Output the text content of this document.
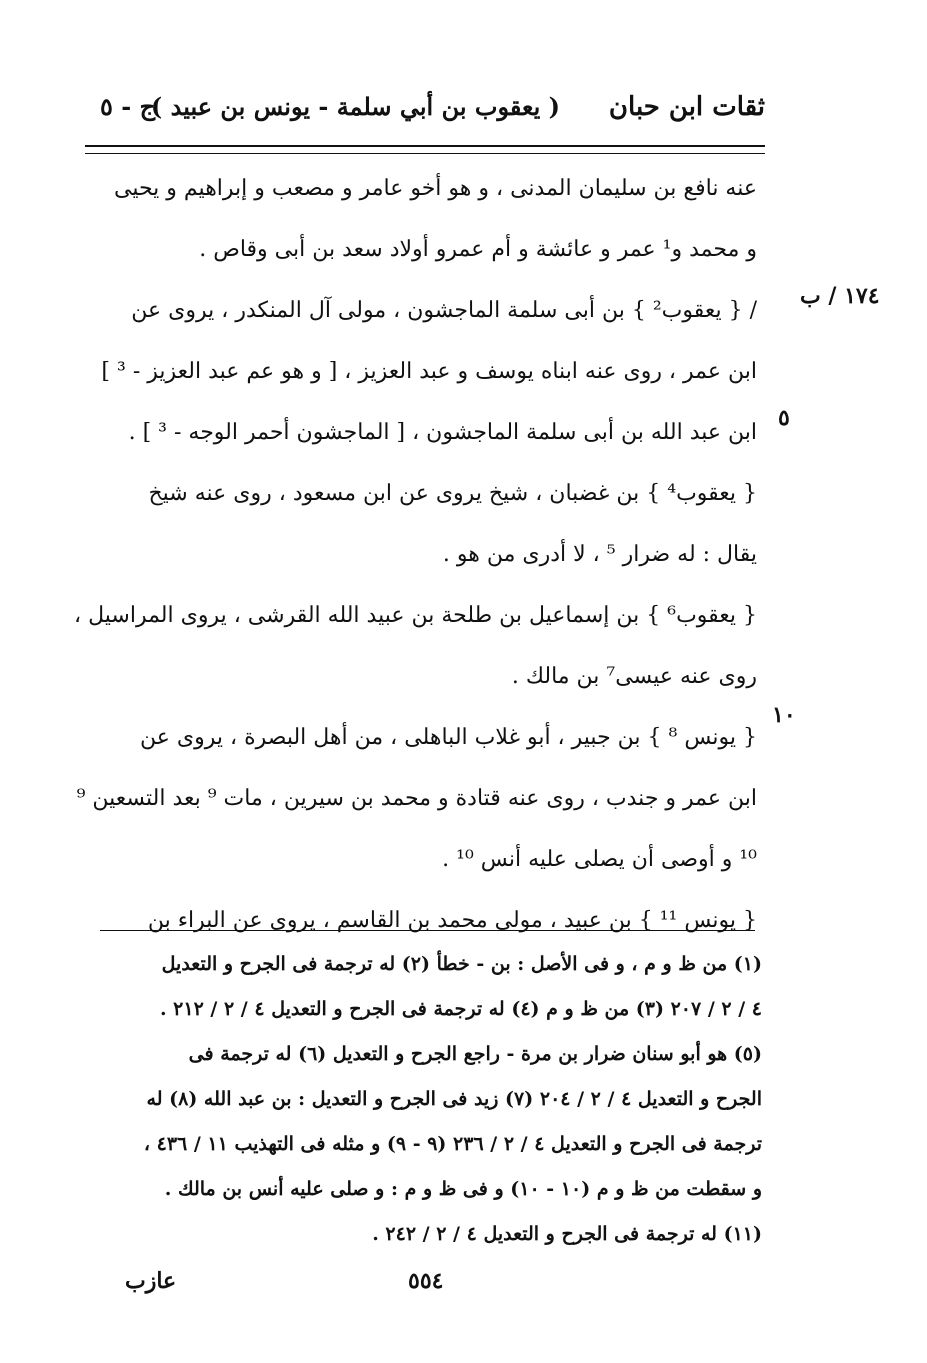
ثقات ابن حبان
( يعقوب بن أبي سلمة - يونس بن عبيد )
ج - ٥
١٧٤ / ب
٥
١٠
عنه نافع بن سليمان المدنى ، و هو أخو عامر و مصعب و إبراهيم و يحيى
و محمد و¹ عمر و عائشة و أم عمرو أولاد سعد بن أبى وقاص .
/ { يعقوب² } بن أبى سلمة الماجشون ، مولى آل المنكدر ، يروى عن
ابن عمر ، روى عنه ابناه يوسف و عبد العزيز ، [ و هو عم عبد العزيز - ³ ]
ابن عبد الله بن أبى سلمة الماجشون ، [ الماجشون أحمر الوجه - ³ ] .
{ يعقوب⁴ } بن غضبان ، شيخ يروى عن ابن مسعود ، روى عنه شيخ
يقال : له ضرار ⁵ ، لا أدرى من هو .
{ يعقوب⁶ } بن إسماعيل بن طلحة بن عبيد الله القرشى ، يروى المراسيل ،
روى عنه عيسى⁷ بن مالك .
{ يونس ⁸ } بن جبير ، أبو غلاب الباهلى ، من أهل البصرة ، يروى عن
ابن عمر و جندب ، روى عنه قتادة و محمد بن سيرين ، مات ⁹ بعد التسعين ⁹
¹⁰ و أوصى أن يصلى عليه أنس ¹⁰ .
{ يونس ¹¹ } بن عبيد ، مولى محمد بن القاسم ، يروى عن البراء بن
(١) من ظ و م ، و فى الأصل : بن - خطأ (٢) له ترجمة فى الجرح و التعديل
٤ / ٢ / ٢٠٧ (٣) من ظ و م (٤) له ترجمة فى الجرح و التعديل ٤ / ٢ / ٢١٢ .
(٥) هو أبو سنان ضرار بن مرة - راجع الجرح و التعديل (٦) له ترجمة فى
الجرح و التعديل ٤ / ٢ / ٢٠٤ (٧) زيد فى الجرح و التعديل : بن عبد الله (٨) له
ترجمة فى الجرح و التعديل ٤ / ٢ / ٢٣٦ (٩ - ٩) و مثله فى التهذيب ١١ / ٤٣٦ ،
و سقطت من ظ و م (١٠ - ١٠) و فى ظ و م : و صلى عليه أنس بن مالك .
(١١) له ترجمة فى الجرح و التعديل ٤ / ٢ / ٢٤٢ .
عازب	٥٥٤
